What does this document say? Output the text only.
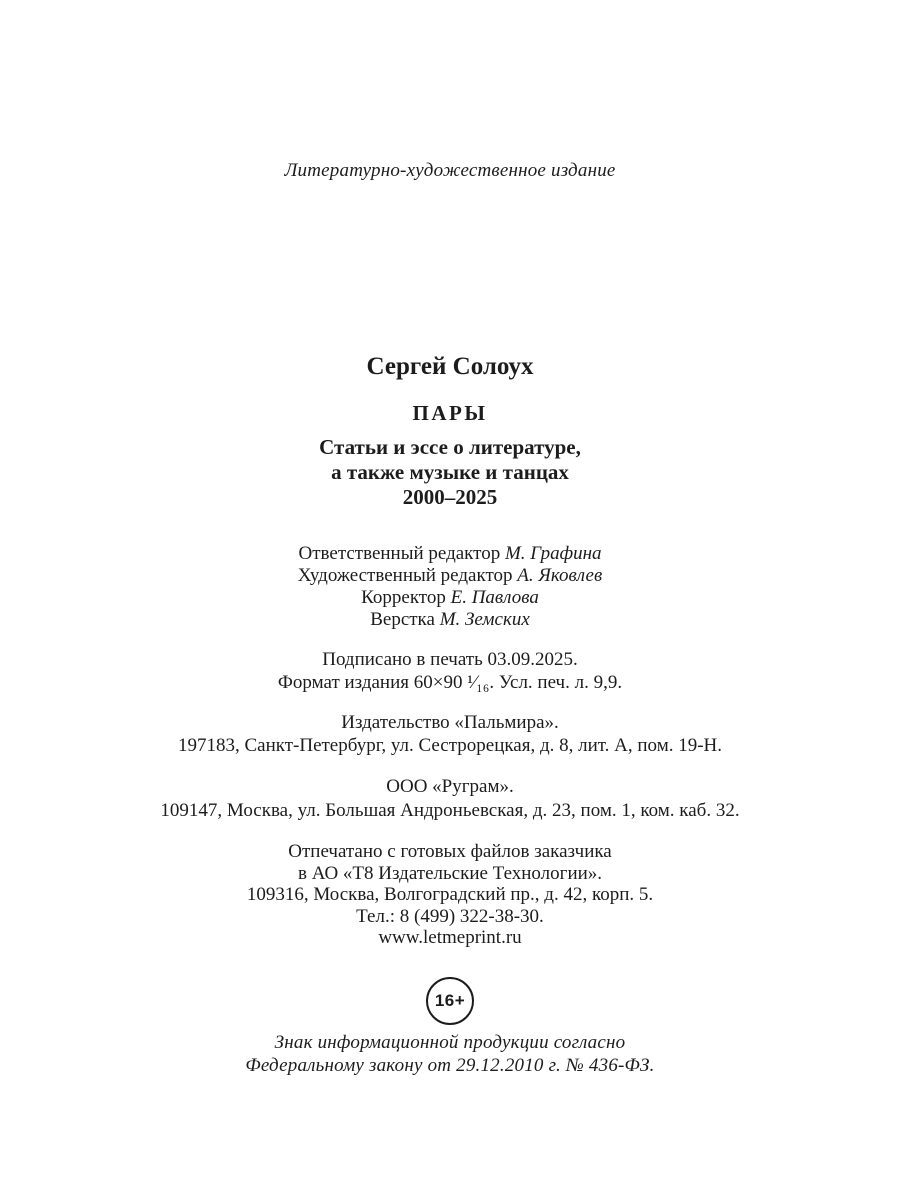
Литературно-художественное издание
Сергей Солоух
ПАРЫ
Статьи и эссе о литературе,
а также музыке и танцах
2000–2025
Ответственный редактор М. Графина
Художественный редактор А. Яковлев
Корректор Е. Павлова
Верстка М. Земских
Подписано в печать 03.09.2025.
Формат издания 60×90 ¹⁄₁₆. Усл. печ. л. 9,9.
Издательство «Пальмира».
197183, Санкт-Петербург, ул. Сестрорецкая, д. 8, лит. А, пом. 19-Н.
ООО «Руграм».
109147, Москва, ул. Большая Андроньевская, д. 23, пом. 1, ком. каб. 32.
Отпечатано с готовых файлов заказчика
в АО «Т8 Издательские Технологии».
109316, Москва, Волгоградский пр., д. 42, корп. 5.
Тел.: 8 (499) 322-38-30.
www.letmeprint.ru
16+
Знак информационной продукции согласно
Федеральному закону от 29.12.2010 г. № 436-ФЗ.
